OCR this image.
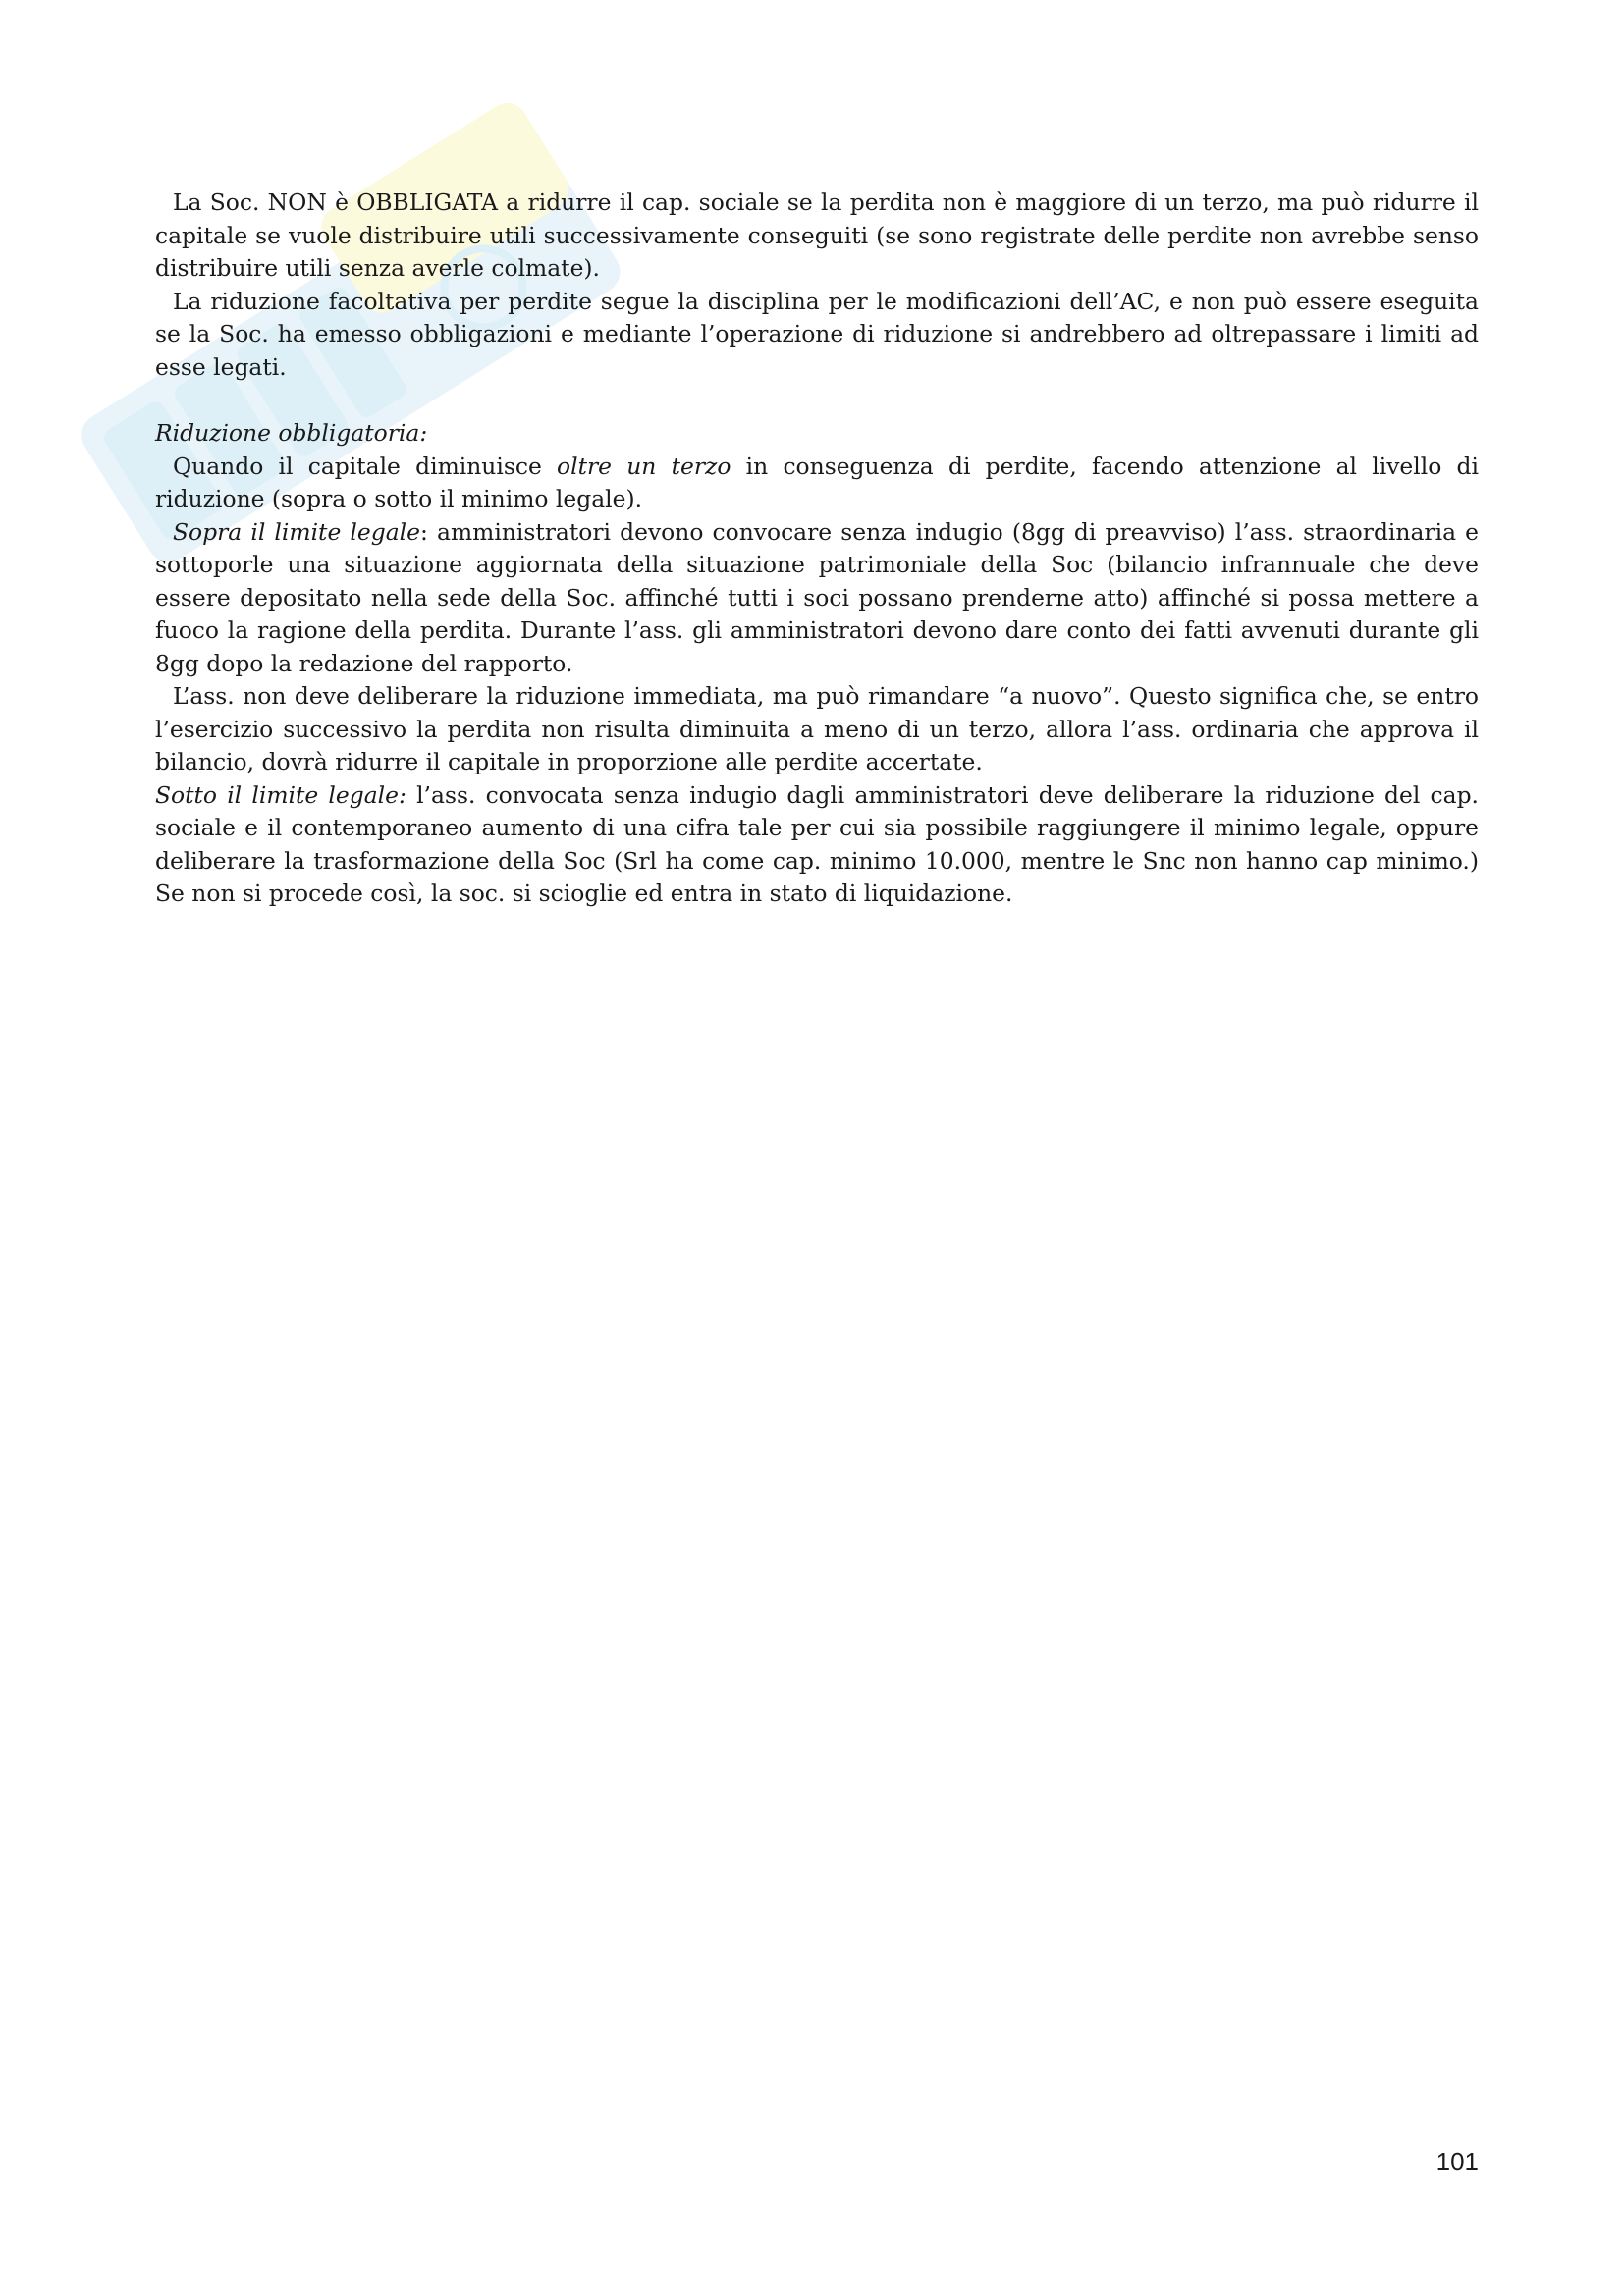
La Soc. NON è OBBLIGATA a ridurre il cap. sociale se la perdita non è maggiore di un terzo, ma può ridurre il capitale se vuole distribuire utili successivamente conseguiti (se sono registrate delle perdite non avrebbe senso distribuire utili senza averle colmate).

La riduzione facoltativa per perdite segue la disciplina per le modificazioni dell’AC, e non può essere eseguita se la Soc. ha emesso obbligazioni e mediante l’operazione di riduzione si andrebbero ad oltrepassare i limiti ad esse legati.

Riduzione obbligatoria:

Quando il capitale diminuisce oltre un terzo in conseguenza di perdite, facendo attenzione al livello di riduzione (sopra o sotto il minimo legale).

Sopra il limite legale: amministratori devono convocare senza indugio (8gg di preavviso) l’ass. straordinaria e sottoporle una situazione aggiornata della situazione patrimoniale della Soc (bilancio infrannuale che deve essere depositato nella sede della Soc. affinché tutti i soci possano prenderne atto) affinché si possa mettere a fuoco la ragione della perdita. Durante l’ass. gli amministratori devono dare conto dei fatti avvenuti durante gli 8gg dopo la redazione del rapporto.

L’ass. non deve deliberare la riduzione immediata, ma può rimandare “a nuovo”. Questo significa che, se entro l’esercizio successivo la perdita non risulta diminuita a meno di un terzo, allora l’ass. ordinaria che approva il bilancio, dovrà ridurre il capitale in proporzione alle perdite accertate.

Sotto il limite legale: l’ass. convocata senza indugio dagli amministratori deve deliberare la riduzione del cap. sociale e il contemporaneo aumento di una cifra tale per cui sia possibile raggiungere il minimo legale, oppure deliberare la trasformazione della Soc (Srl ha come cap. minimo 10.000, mentre le Snc non hanno cap minimo.) Se non si procede così, la soc. si scioglie ed entra in stato di liquidazione.

101
